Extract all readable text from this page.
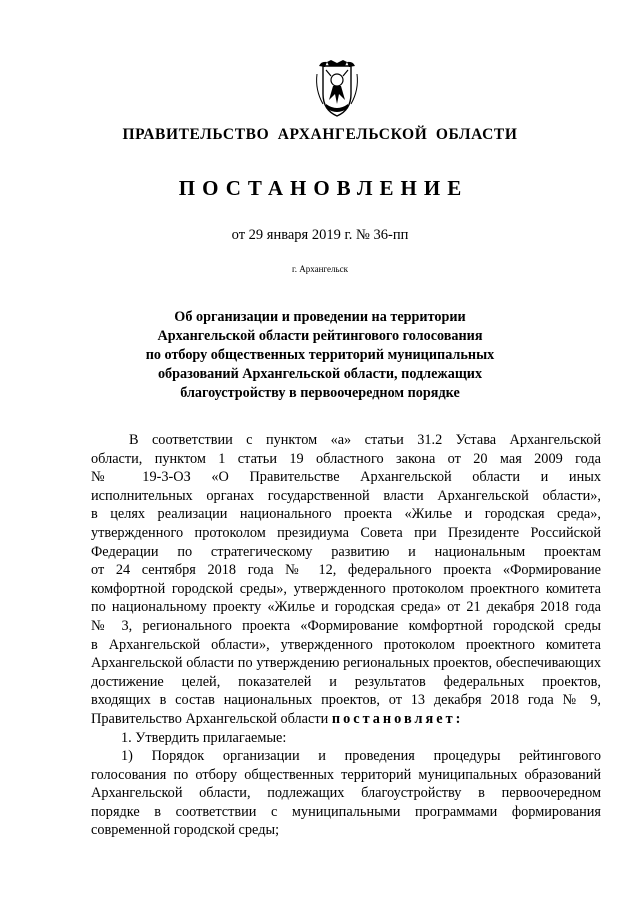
ПРАВИТЕЛЬСТВО АРХАНГЕЛЬСКОЙ ОБЛАСТИ
ПОСТАНОВЛЕНИЕ
от 29 января 2019 г. № 36-пп
г. Архангельск
Об организации и проведении на территории
Архангельской области рейтингового голосования
по отбору общественных территорий муниципальных
образований Архангельской области, подлежащих
благоустройству в первоочередном порядке
В соответствии с пунктом «а» статьи 31.2 Устава Архангельской
области, пунктом 1 статьи 19 областного закона от 20 мая 2009 года
№ 19-3-ОЗ «О Правительстве Архангельской области и иных
исполнительных органах государственной власти Архангельской области»,
в целях реализации национального проекта «Жилье и городская среда»,
утвержденного протоколом президиума Совета при Президенте Российской
Федерации по стратегическому развитию и национальным проектам
от 24 сентября 2018 года № 12, федерального проекта «Формирование
комфортной городской среды», утвержденного протоколом проектного комитета
по национальному проекту «Жилье и городская среда» от 21 декабря 2018 года
№ 3, регионального проекта «Формирование комфортной городской среды
в Архангельской области», утвержденного протоколом проектного комитета
Архангельской области по утверждению региональных проектов, обеспечивающих
достижение целей, показателей и результатов федеральных проектов,
входящих в состав национальных проектов, от 13 декабря 2018 года № 9,
Правительство Архангельской области постановляет:
1. Утвердить прилагаемые:
1) Порядок организации и проведения процедуры рейтингового
голосования по отбору общественных территорий муниципальных образований
Архангельской области, подлежащих благоустройству в первоочередном
порядке в соответствии с муниципальными программами формирования
современной городской среды;
